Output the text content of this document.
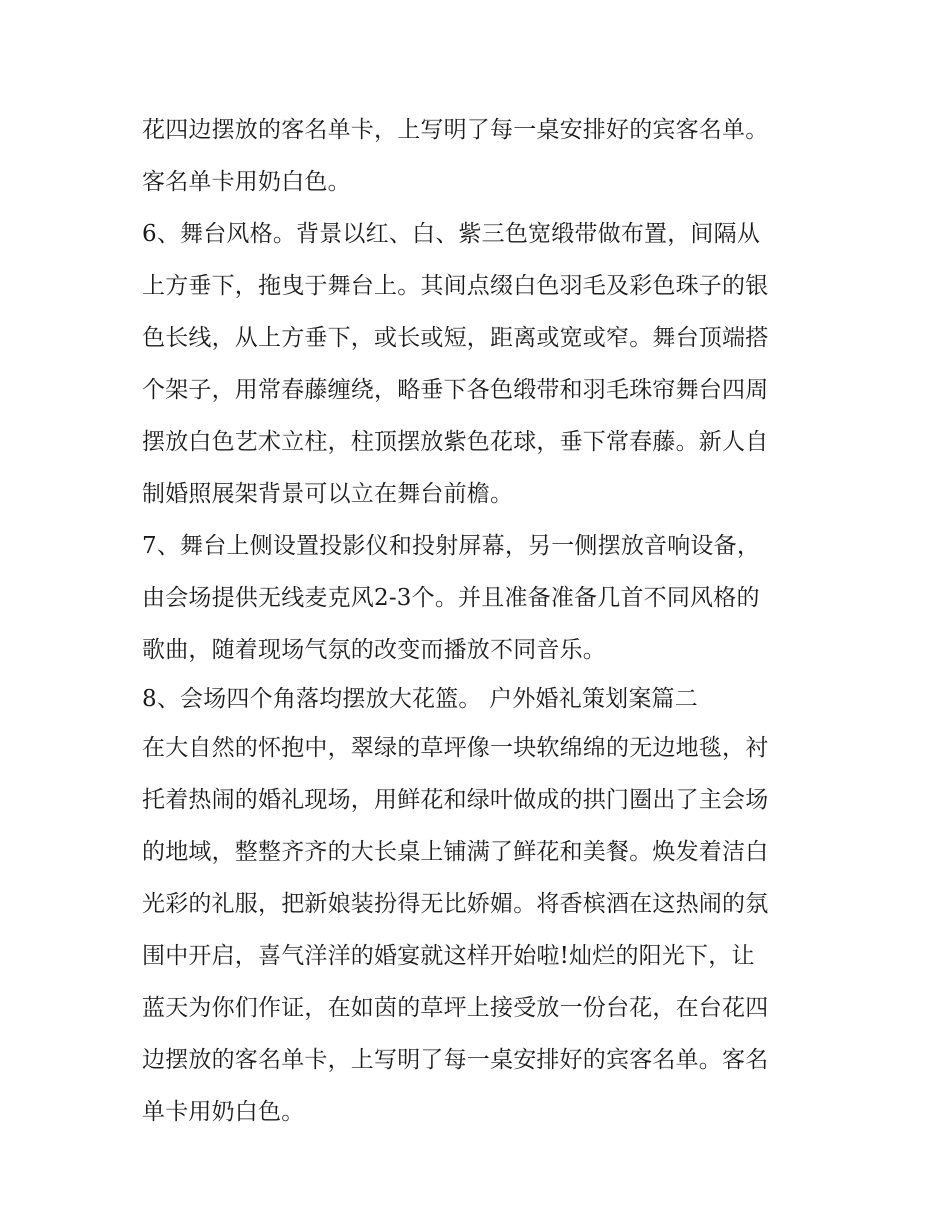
花四边摆放的客名单卡，上写明了每一桌安排好的宾客名单。
客名单卡用奶白色。
6、舞台风格。背景以红、白、紫三色宽缎带做布置，间隔从
上方垂下，拖曳于舞台上。其间点缀白色羽毛及彩色珠子的银
色长线，从上方垂下，或长或短，距离或宽或窄。舞台顶端搭
个架子，用常春藤缠绕，略垂下各色缎带和羽毛珠帘舞台四周
摆放白色艺术立柱，柱顶摆放紫色花球，垂下常春藤。新人自
制婚照展架背景可以立在舞台前檐。
7、舞台上侧设置投影仪和投射屏幕，另一侧摆放音响设备，
由会场提供无线麦克风2-3个。并且准备准备几首不同风格的
歌曲，随着现场气氛的改变而播放不同音乐。
8、会场四个角落均摆放大花篮。 户外婚礼策划案篇二
在大自然的怀抱中，翠绿的草坪像一块软绵绵的无边地毯，衬
托着热闹的婚礼现场，用鲜花和绿叶做成的拱门圈出了主会场
的地域，整整齐齐的大长桌上铺满了鲜花和美餐。焕发着洁白
光彩的礼服，把新娘装扮得无比娇媚。将香槟酒在这热闹的氛
围中开启，喜气洋洋的婚宴就这样开始啦!灿烂的阳光下，让
蓝天为你们作证，在如茵的草坪上接受放一份台花，在台花四
边摆放的客名单卡，上写明了每一桌安排好的宾客名单。客名
单卡用奶白色。
